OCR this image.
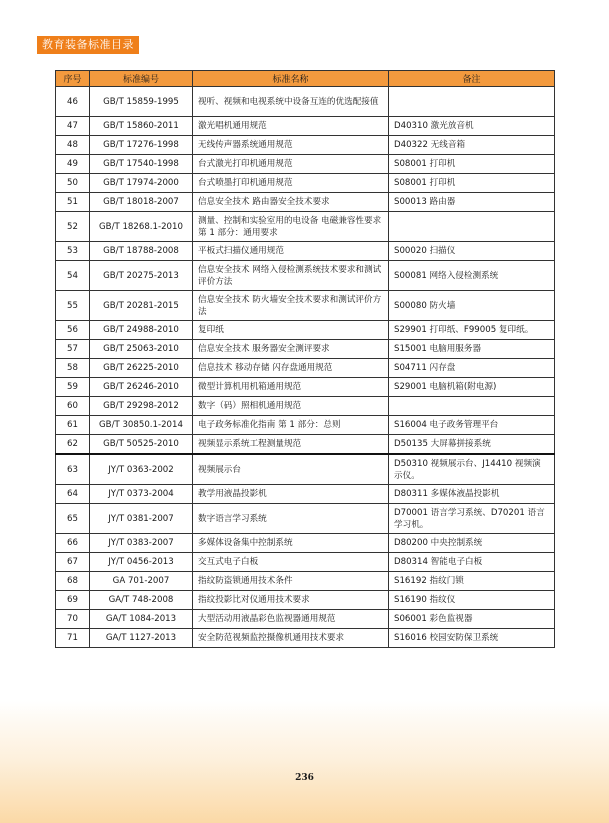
教育装备标准目录
序号	标准编号	标准名称	备注
46	GB/T 15859-1995	视听、视频和电视系统中设备互连的优选配接值	
47	GB/T 15860-2011	激光唱机通用规范	D40310 激光放音机
48	GB/T 17276-1998	无线传声器系统通用规范	D40322 无线音箱
49	GB/T 17540-1998	台式激光打印机通用规范	S08001 打印机
50	GB/T 17974-2000	台式喷墨打印机通用规范	S08001 打印机
51	GB/T 18018-2007	信息安全技术 路由器安全技术要求	S00013 路由器
52	GB/T 18268.1-2010	测量、控制和实验室用的电设备 电磁兼容性要求 第 1 部分：通用要求	
53	GB/T 18788-2008	平板式扫描仪通用规范	S00020 扫描仪
54	GB/T 20275-2013	信息安全技术 网络入侵检测系统技术要求和测试评价方法	S00081 网络入侵检测系统
55	GB/T 20281-2015	信息安全技术 防火墙安全技术要求和测试评价方法	S00080 防火墙
56	GB/T 24988-2010	复印纸	S29901 打印纸、F99005 复印纸。
57	GB/T 25063-2010	信息安全技术 服务器安全测评要求	S15001 电脑用服务器
58	GB/T 26225-2010	信息技术 移动存储 闪存盘通用规范	S04711 闪存盘
59	GB/T 26246-2010	微型计算机用机箱通用规范	S29001 电脑机箱(附电源)
60	GB/T 29298-2012	数字（码）照相机通用规范	
61	GB/T 30850.1-2014	电子政务标准化指南 第 1 部分：总则	S16004 电子政务管理平台
62	GB/T 50525-2010	视频显示系统工程测量规范	D50135 大屏幕拼接系统
63	JY/T 0363-2002	视频展示台	D50310 视频展示台、J14410 视频演示仪。
64	JY/T 0373-2004	教学用液晶投影机	D80311 多媒体液晶投影机
65	JY/T 0381-2007	数字语言学习系统	D70001 语言学习系统、D70201 语言学习机。
66	JY/T 0383-2007	多媒体设备集中控制系统	D80200 中央控制系统
67	JY/T 0456-2013	交互式电子白板	D80314 智能电子白板
68	GA 701-2007	指纹防盗锁通用技术条件	S16192 指纹门锁
69	GA/T 748-2008	指纹投影比对仪通用技术要求	S16190 指纹仪
70	GA/T 1084-2013	大型活动用液晶彩色监视器通用规范	S06001 彩色监视器
71	GA/T 1127-2013	安全防范视频监控摄像机通用技术要求	S16016 校园安防保卫系统
236
